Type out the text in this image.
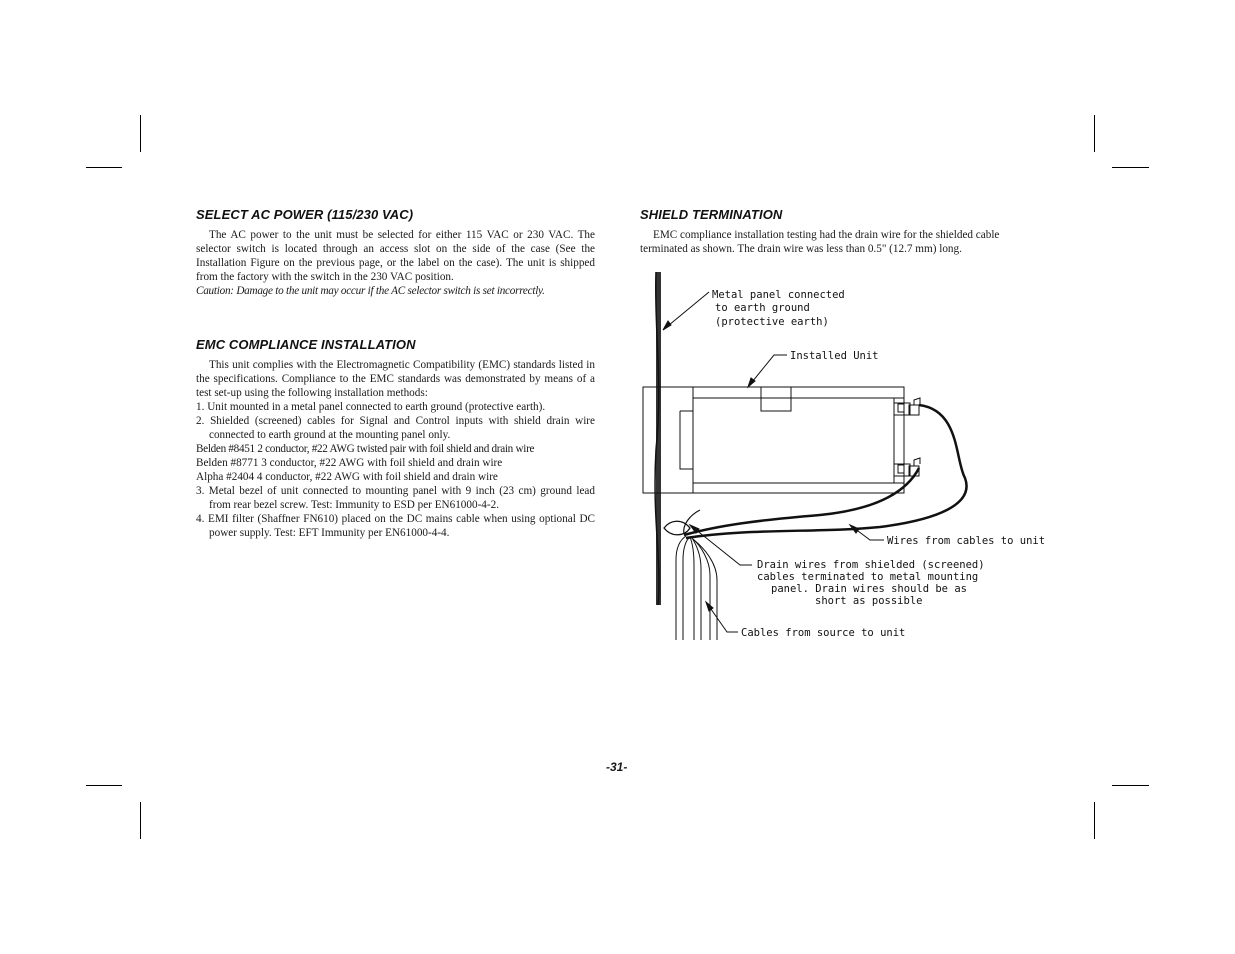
SELECT AC POWER (115/230 VAC)
The AC power to the unit must be selected for either 115 VAC or 230 VAC. The selector switch is located through an access slot on the side of the case (See the Installation Figure on the previous page, or the label on the case). The unit is shipped from the factory with the switch in the 230 VAC position.
Caution: Damage to the unit may occur if the AC selector switch is set incorrectly.
EMC COMPLIANCE INSTALLATION
This unit complies with the Electromagnetic Compatibility (EMC) standards listed in the specifications. Compliance to the EMC standards was demonstrated by means of a test set-up using the following installation methods:
1. Unit mounted in a metal panel connected to earth ground (protective earth).
2. Shielded (screened) cables for Signal and Control inputs with shield drain wire connected to earth ground at the mounting panel only.
Belden #8451 2 conductor, #22 AWG twisted pair with foil shield and drain wire
Belden #8771 3 conductor, #22 AWG with foil shield and drain wire
Alpha #2404 4 conductor, #22 AWG with foil shield and drain wire
3. Metal bezel of unit connected to mounting panel with 9 inch (23 cm) ground lead from rear bezel screw. Test: Immunity to ESD per EN61000-4-2.
4. EMI filter (Shaffner FN610) placed on the DC mains cable when using optional DC power supply. Test: EFT Immunity per EN61000-4-4.
SHIELD TERMINATION
EMC compliance installation testing had the drain wire for the shielded cable terminated as shown. The drain wire was less than 0.5" (12.7 mm) long.
Metal panel connected
to earth ground
(protective earth)
Installed Unit
Wires from cables to unit
Drain wires from shielded (screened)
cables terminated to metal mounting
panel. Drain wires should be as
short as possible
Cables from source to unit
-31-
